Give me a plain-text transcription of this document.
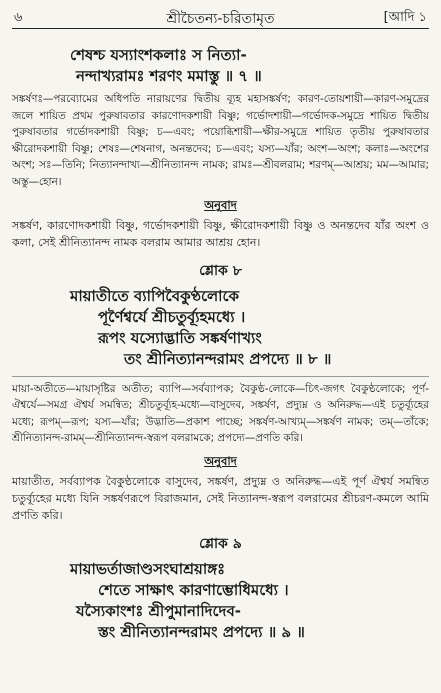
৬	শ্রীচৈতন্য-চরিতামৃত	[আদি ১

শেষশ্চ যস্যাংশকলাঃ স নিত্যা-

নন্দাখ্যরামঃ শরণং মমাস্তু ॥ ৭ ॥

সঙ্কর্ষণঃ—পরব্যোমের অধিপতি নারায়ণের দ্বিতীয় ব্যূহ মহাসঙ্কর্ষণ; কারণ-তোয়শায়ী—কারণ-সমুদ্রের জলে শায়িত প্রথম পুরুষাবতার কারণোদকশায়ী বিষ্ণু; গর্ভোদশায়ী—গর্ভোদক-সমুদ্রে শায়িত দ্বিতীয় পুরুষাবতার গর্ভোদকশায়ী বিষ্ণু; চ—এবং; পয়োব্ধিশায়ী—ক্ষীর-সমুদ্রে শায়িত তৃতীয় পুরুষাবতার ক্ষীরোদকশায়ী বিষ্ণু; শেষঃ—শেষনাগ, অনন্তদেব; চ—এবং; যস্য—যাঁর; অংশ—অংশ; কলাঃ—অংশের অংশ; সঃ—তিনি; নিত্যানন্দাখ্য—শ্রীনিত্যানন্দ নামক; রামঃ—শ্রীবলরাম; শরণম্—আশ্রয়; মম—আমার; অস্তু—হোন।

অনুবাদ

সঙ্কর্ষণ, কারণোদকশায়ী বিষ্ণু, গর্ভোদকশায়ী বিষ্ণু, ক্ষীরোদকশায়ী বিষ্ণু ও অনন্তদেব যাঁর অংশ ও কলা, সেই শ্রীনিত্যানন্দ নামক বলরাম আমার আশ্রয় হোন।

শ্লোক ৮

মায়াতীতে ব্যাপিবৈকুণ্ঠলোকে

পূর্ণৈশ্বর্যে শ্রীচতুর্ব্যূহমধ্যে ।

রূপং যস্যোদ্ভাতি সঙ্কর্ষণাখ্যং

তং শ্রীনিত্যানন্দরামং প্রপদ্যে ॥ ৮ ॥

মায়া-অতীতে—মায়াসৃষ্টির অতীত; ব্যাপি—সর্বব্যাপক; বৈকুণ্ঠ-লোকে—চিৎ-জগৎ বৈকুণ্ঠলোকে; পূর্ণ-ঐশ্বর্যে—সমগ্র ঐশ্বর্য সমন্বিত; শ্রীচতুর্ব্যূহ-মধ্যে—বাসুদেব, সঙ্কর্ষণ, প্রদ্যুম্ন ও অনিরুদ্ধ—এই চতুর্ব্যূহের মধ্যে; রূপম্—রূপ; যস্য—যাঁর; উদ্ভাতি—প্রকাশ পাচ্ছে; সঙ্কর্ষণ-আখ্যম্—সঙ্কর্ষণ নামক; তম্—তাঁকে; শ্রীনিত্যানন্দ-রামম্—শ্রীনিত্যানন্দ-স্বরূপ বলরামকে; প্রপদ্যে—প্রণতি করি।

অনুবাদ

মায়াতীত, সর্বব্যাপক বৈকুণ্ঠলোকে বাসুদেব, সঙ্কর্ষণ, প্রদ্যুম্ন ও অনিরুদ্ধ—এই পূর্ণ ঐশ্বর্য সমন্বিত চতুর্ব্যূহের মধ্যে যিনি সঙ্কর্ষণরূপে বিরাজমান, সেই নিত্যানন্দ-স্বরূপ বলরামের শ্রীচরণ-কমলে আমি প্রণতি করি।

শ্লোক ৯

মায়াভর্তাজাণ্ডসংঘাশ্রয়াঙ্গঃ

শেতে সাক্ষাৎ কারণাম্ভোধিমধ্যে ।

যস্যৈকাংশঃ শ্রীপুমানাদিদেব-

স্তং শ্রীনিত্যানন্দরামং প্রপদ্যে ॥ ৯ ॥
